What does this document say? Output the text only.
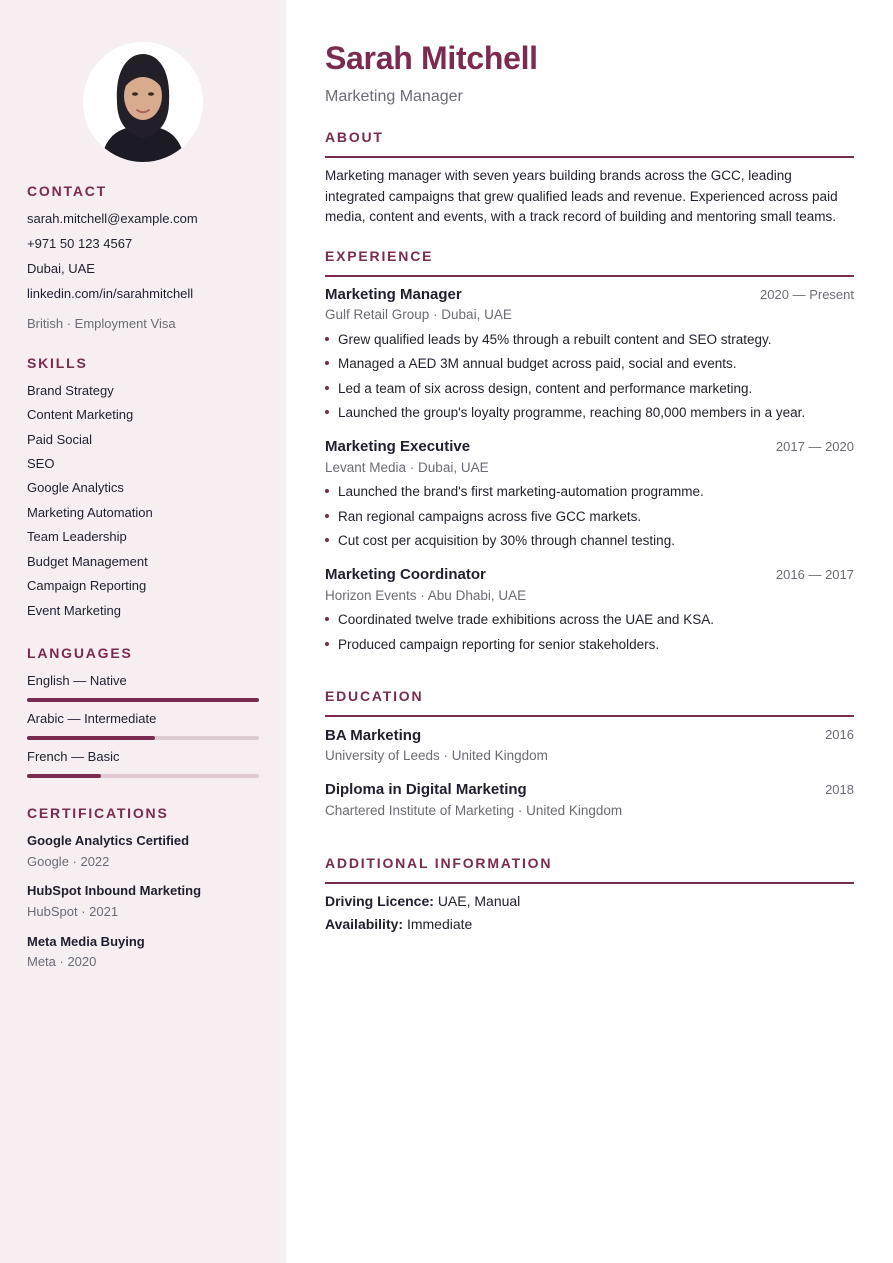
CONTACT
sarah.mitchell@example.com
+971 50 123 4567
Dubai, UAE
linkedin.com/in/sarahmitchell
British · Employment Visa
SKILLS
Brand Strategy
Content Marketing
Paid Social
SEO
Google Analytics
Marketing Automation
Team Leadership
Budget Management
Campaign Reporting
Event Marketing
LANGUAGES
English — Native
Arabic — Intermediate
French — Basic
CERTIFICATIONS
Google Analytics Certified
Google · 2022
HubSpot Inbound Marketing
HubSpot · 2021
Meta Media Buying
Meta · 2020
Sarah Mitchell
Marketing Manager
ABOUT

Marketing manager with seven years building brands across the GCC, leading integrated campaigns that grew qualified leads and revenue. Experienced across paid media, content and events, with a track record of building and mentoring small teams.

EXPERIENCE
Marketing Manager	2020 — Present
Gulf Retail Group · Dubai, UAE
Grew qualified leads by 45% through a rebuilt content and SEO strategy.
Managed a AED 3M annual budget across paid, social and events.
Led a team of six across design, content and performance marketing.
Launched the group's loyalty programme, reaching 80,000 members in a year.
Marketing Executive	2017 — 2020
Levant Media · Dubai, UAE
Launched the brand's first marketing-automation programme.
Ran regional campaigns across five GCC markets.
Cut cost per acquisition by 30% through channel testing.
Marketing Coordinator	2016 — 2017
Horizon Events · Abu Dhabi, UAE
Coordinated twelve trade exhibitions across the UAE and KSA.
Produced campaign reporting for senior stakeholders.
EDUCATION
BA Marketing	2016
University of Leeds · United Kingdom
Diploma in Digital Marketing	2018
Chartered Institute of Marketing · United Kingdom
ADDITIONAL INFORMATION
Driving Licence: UAE, Manual
Availability: Immediate
